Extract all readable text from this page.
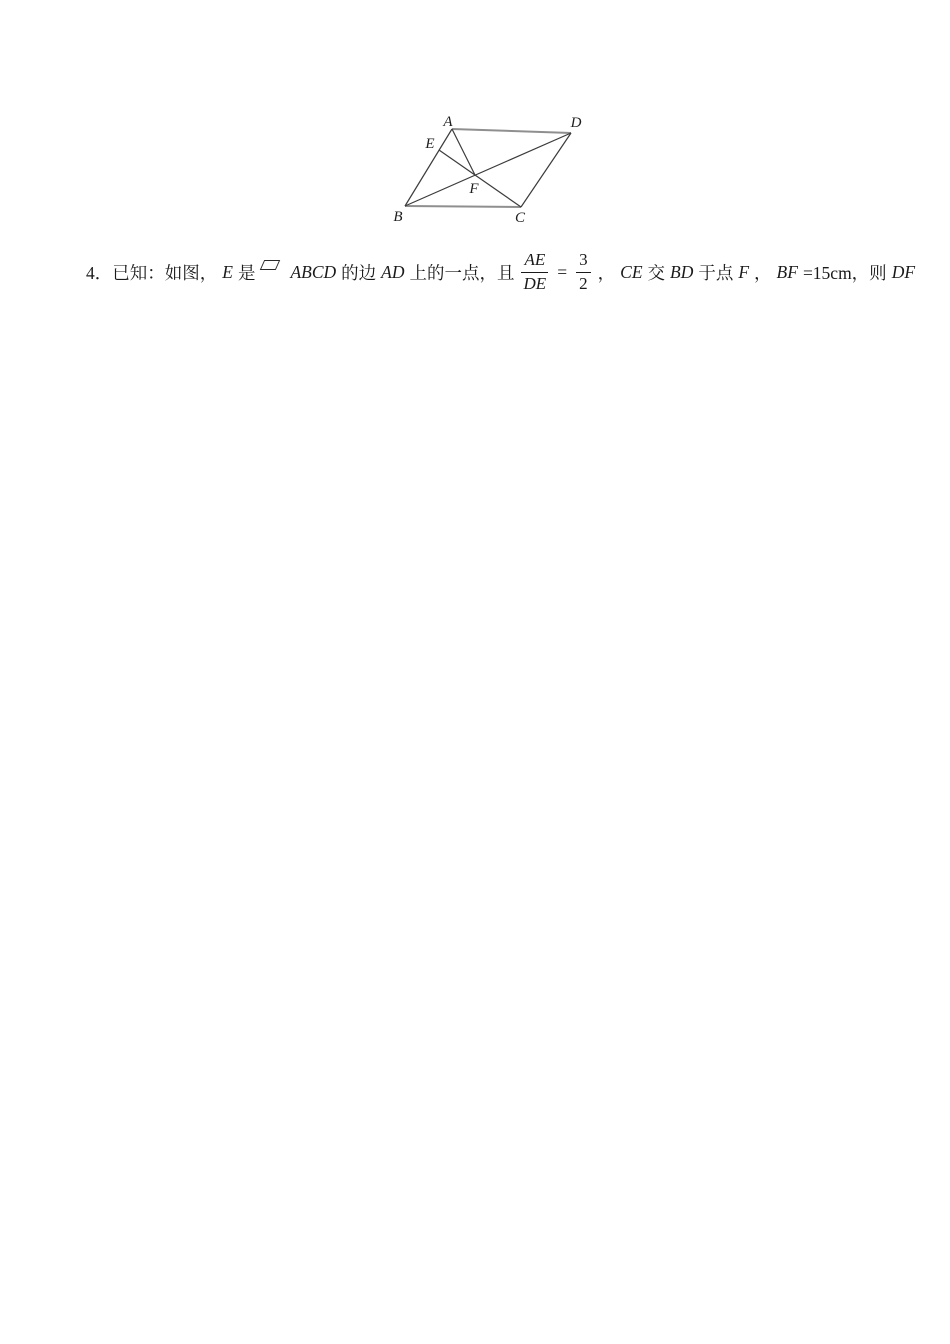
A
B	C
D
E
F
4．已知：如图， E 是 ABCD 的边 AD 上的一点，且 $\frac{AE}{DE} = \frac{3}{2}$ ， CE 交 BD 于点 F ， BF =15cm，则 DF
